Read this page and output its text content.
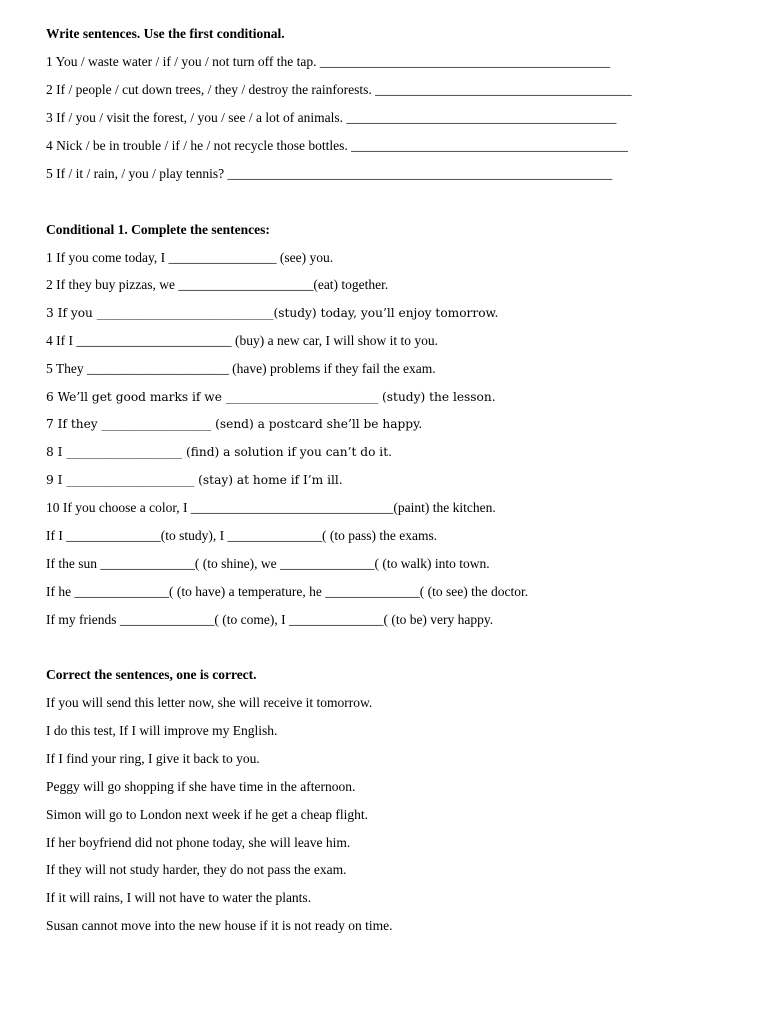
Write sentences. Use the first conditional.
1 You / waste water / if / you / not turn off the tap. ___________________________________________
2 If / people / cut down trees, / they / destroy the rainforests. ______________________________________
3 If / you / visit the forest, / you / see / a lot of animals. ________________________________________
4 Nick / be in trouble / if / he / not recycle those bottles. _________________________________________
5 If / it / rain, / you / play tennis? _________________________________________________________
Conditional 1. Complete the sentences:
1 If you come today, I ________________ (see) you.
2 If they buy pizzas, we ____________________(eat) together.
3 If you _____________________________(study) today, you’ll enjoy tomorrow.
4 If I _______________________ (buy) a new car, I will show it to you.
5 They _____________________ (have) problems if they fail the exam.
6 We’ll get good marks if we _________________________ (study) the lesson.
7 If they __________________ (send) a postcard she’ll be happy.
8 I ___________________ (find) a solution if you can’t do it.
9 I _____________________ (stay) at home if I’m ill.
10 If you choose a color, I ______________________________(paint) the kitchen.
If I ______________(to study), I ______________( (to pass) the exams.
If the sun ______________( (to shine), we ______________( (to walk) into town.
If he ______________( (to have) a temperature, he ______________( (to see) the doctor.
If my friends ______________( (to come), I ______________( (to be) very happy.
Correct the sentences, one is correct.
If you will send this letter now, she will receive it tomorrow.
I do this test, If I will improve my English.
If I find your ring, I give it back to you.
Peggy will go shopping if she have time in the afternoon.
Simon will go to London next week if he get a cheap flight.
If her boyfriend did not phone today, she will leave him.
If they will not study harder, they do not pass the exam.
If it will rains, I will not have to water the plants.
Susan cannot move into the new house if it is not ready on time.
